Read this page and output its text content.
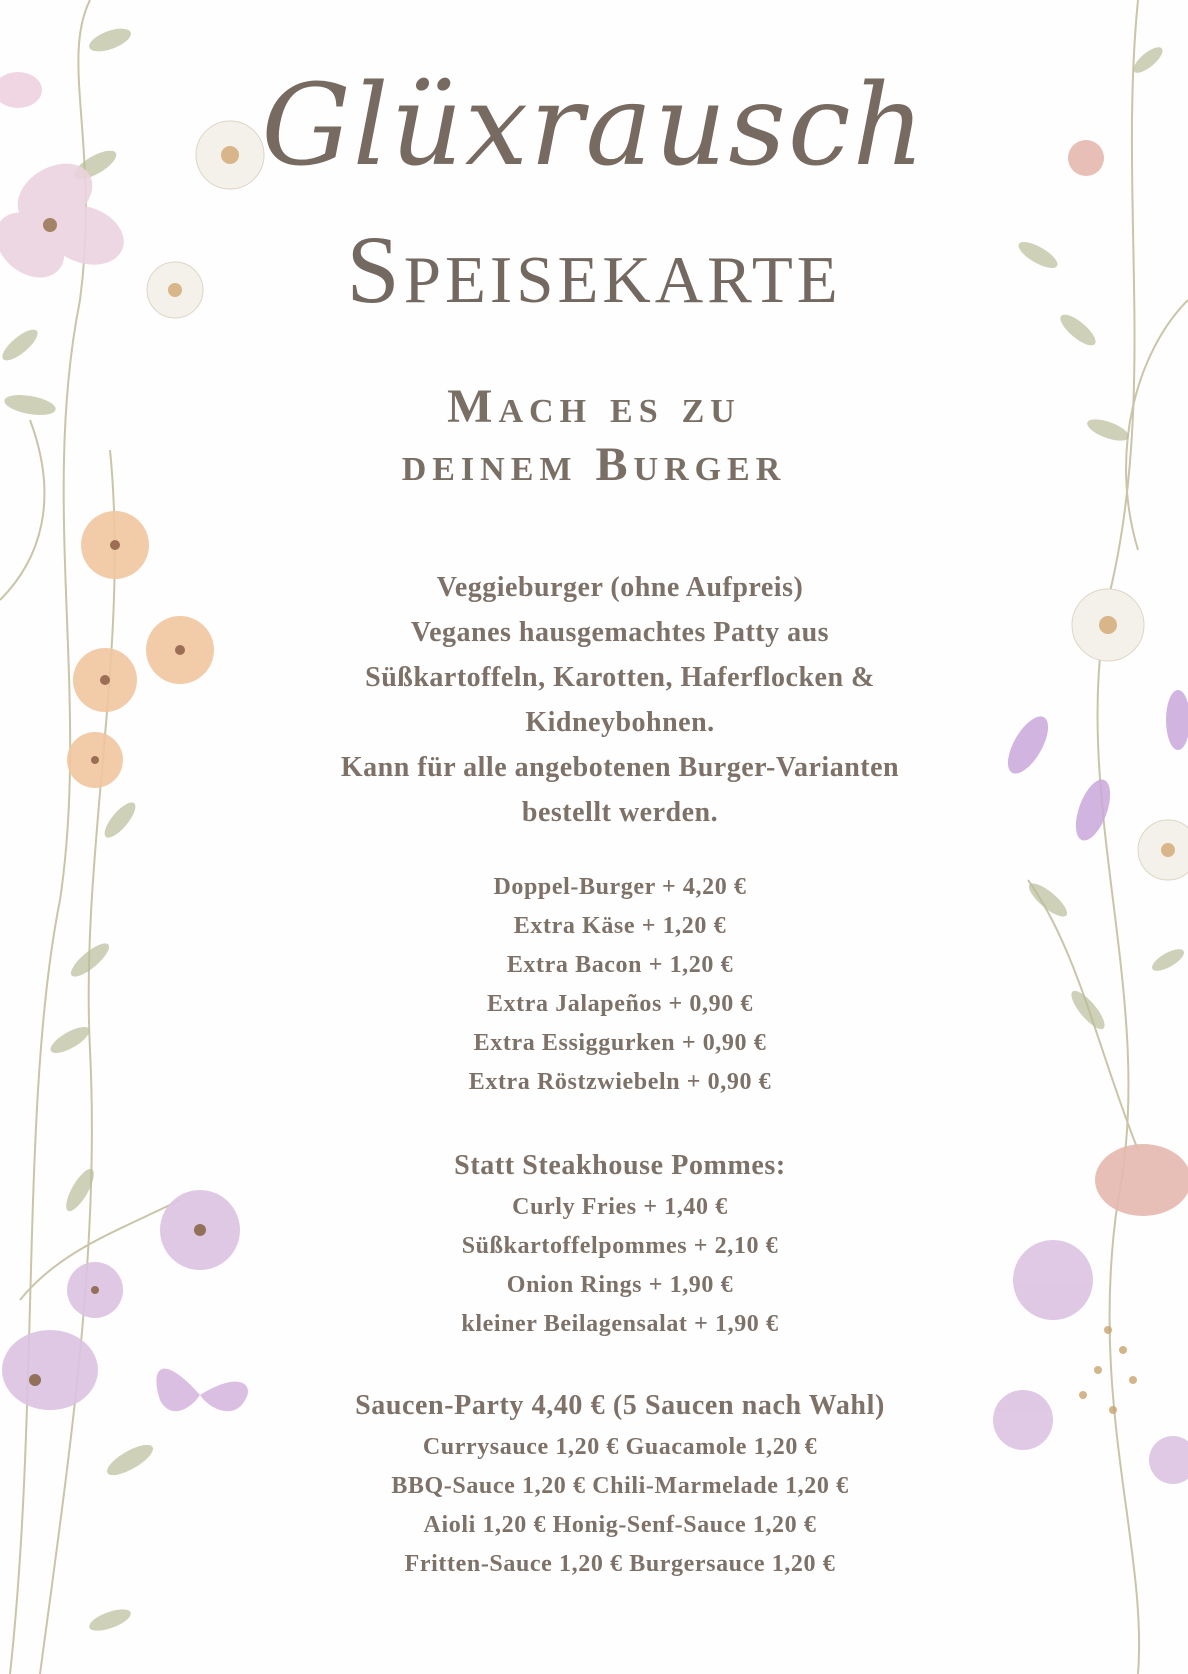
Glüxrausch
Speisekarte
Mach es zu
deinem Burger
Veggieburger (ohne Aufpreis)
Veganes hausgemachtes Patty aus
Süßkartoffeln, Karotten, Haferflocken &
Kidneybohnen.
Kann für alle angebotenen Burger-Varianten
bestellt werden.
Doppel-Burger + 4,20 €
Extra Käse + 1,20 €
Extra Bacon + 1,20 €
Extra Jalapeños + 0,90 €
Extra Essiggurken + 0,90 €
Extra Röstzwiebeln + 0,90 €
Statt Steakhouse Pommes:
Curly Fries + 1,40 €
Süßkartoffelpommes + 2,10 €
Onion Rings + 1,90 €
kleiner Beilagensalat + 1,90 €
Saucen-Party 4,40 € (5 Saucen nach Wahl)
Currysauce 1,20 € Guacamole 1,20 €
BBQ-Sauce 1,20 € Chili-Marmelade 1,20 €
Aioli 1,20 € Honig-Senf-Sauce 1,20 €
Fritten-Sauce 1,20 € Burgersauce 1,20 €
